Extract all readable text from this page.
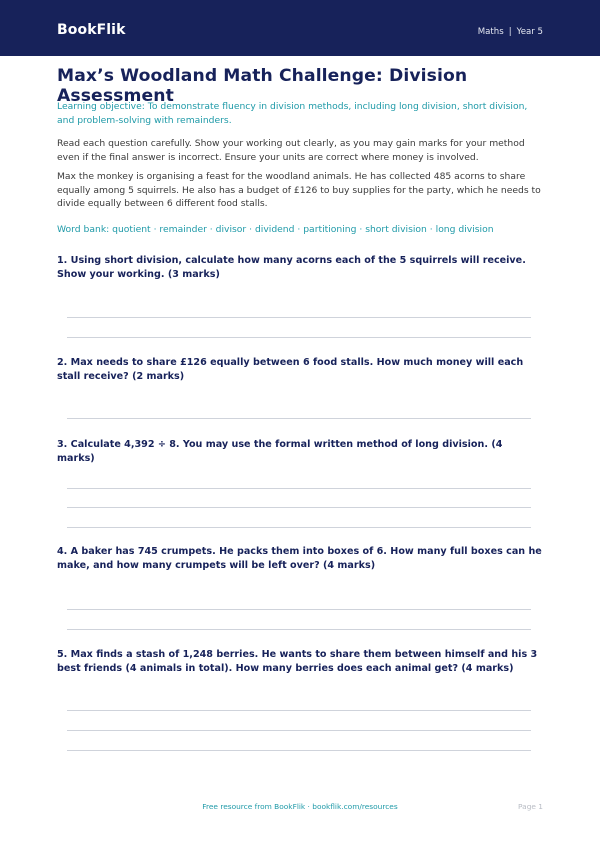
BookFlik	Maths | Year 5
Max’s Woodland Math Challenge: Division Assessment

Learning objective: To demonstrate fluency in division methods, including long division, short division, and problem-solving with remainders.

Read each question carefully. Show your working out clearly, as you may gain marks for your method even if the final answer is incorrect. Ensure your units are correct where money is involved.

Max the monkey is organising a feast for the woodland animals. He has collected 485 acorns to share equally among 5 squirrels. He also has a budget of £126 to buy supplies for the party, which he needs to divide equally between 6 different food stalls.

Word bank: quotient · remainder · divisor · dividend · partitioning · short division · long division

1. Using short division, calculate how many acorns each of the 5 squirrels will receive. Show your working. (3 marks)

2. Max needs to share £126 equally between 6 food stalls. How much money will each stall receive? (2 marks)

3. Calculate 4,392 ÷ 8. You may use the formal written method of long division. (4 marks)

4. A baker has 745 crumpets. He packs them into boxes of 6. How many full boxes can he make, and how many crumpets will be left over? (4 marks)

5. Max finds a stash of 1,248 berries. He wants to share them between himself and his 3 best friends (4 animals in total). How many berries does each animal get? (4 marks)

Free resource from BookFlik · bookflik.com/resources	Page 1
